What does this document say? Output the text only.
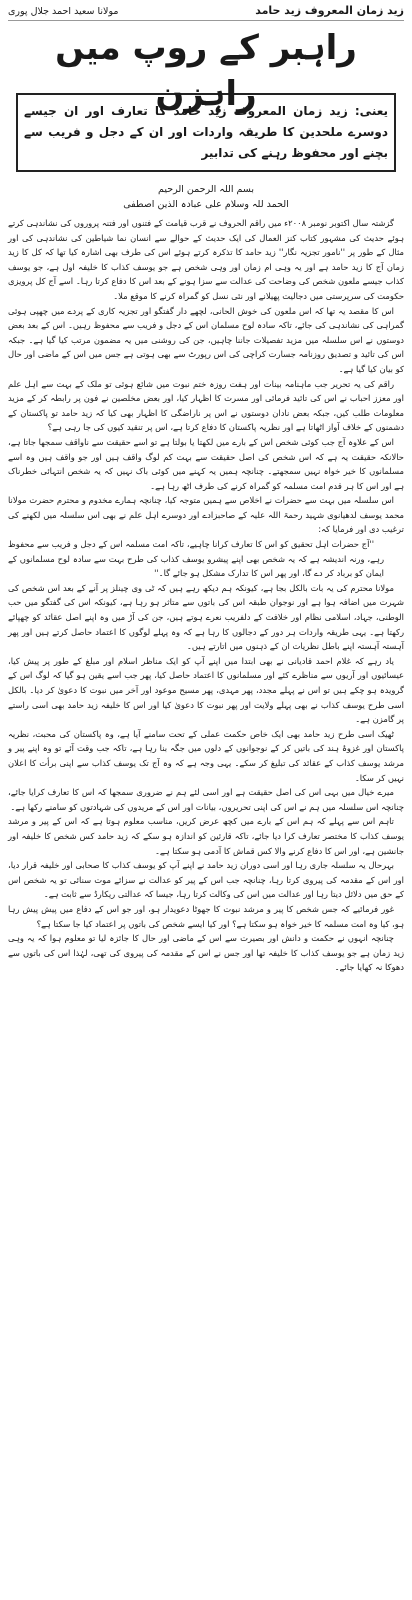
زید زمان المعروف زید حامد
مولانا سعید احمد جلال پوری
راہبر کے روپ میں راہزن
یعنی: زید زمان المعروف زید حامد کا تعارف اور ان جیسے دوسرے ملحدین کا طریقہ واردات اور ان کے دجل و فریب سے بچنے اور محفوظ رہنے کی تدابیر
بسم اللہ الرحمن الرحیم
الحمد للہ وسلام علی عبادہ الذین اصطفی

گزشتہ سال اکتوبر نومبر ۲۰۰۸ء میں راقم الحروف نے قرب قیامت کے فتنوں اور فتنہ پروروں کی نشاندہی کرتے ہوئے حدیث کی مشہور کتاب کنز العمال کی ایک حدیث کے حوالے سے انسان نما شیاطین کی نشاندہی کی اور مثال کے طور پر ''نامور تجزیہ نگار'' زید حامد کا تذکرہ کرتے ہوئے اس کی طرف بھی اشارہ کیا تھا کہ کل کا زید زمان آج کا زید حامد ہے اور یہ وہی ام زمان اور وہی شخص ہے جو یوسف کذاب کا خلیفہ اول ہے، جو یوسف کذاب جیسے ملعون شخص کی وضاحت کی عدالت سے سزا ہونے کے بعد اس کا دفاع کرتا رہا۔ اسے آج کل پرویزی حکومت کی سرپرستی میں دجالیت پھیلانے اور نئی نسل کو گمراہ کرنے کا موقع ملا۔

اس کا مقصد یہ تھا کہ اس ملعون کی خوش الحانی، لچھے دار گفتگو اور تجزیہ کاری کے پردے میں چھپی ہوئی گمراہی کی نشاندہی کی جائے، تاکہ سادہ لوح مسلمان اس کے دجل و فریب سے محفوظ رہیں۔ اس کے بعد بعض دوستوں نے اس سلسلہ میں مزید تفصیلات جاننا چاہیں، جن کی روشنی میں یہ مضمون مرتب کیا گیا ہے۔ جبکہ اس کی تائید و تصدیق روزنامہ جسارت کراچی کی اس رپورٹ سے بھی ہوتی ہے جس میں اس کے ماضی اور حال کو بیان کیا گیا ہے۔

راقم کی یہ تحریر جب ماہنامہ بینات اور ہفت روزہ ختم نبوت میں شائع ہوئی تو ملک کے بہت سے اہل علم اور معزز احباب نے اس کی تائید فرمائی اور مسرت کا اظہار کیا، اور بعض مخلصین نے فون پر رابطہ کر کے مزید معلومات طلب کیں، جبکہ بعض نادان دوستوں نے اس پر ناراضگی کا اظہار بھی کیا کہ زید حامد تو پاکستان کے دشمنوں کے خلاف آواز اٹھاتا ہے اور نظریہ پاکستان کا دفاع کرتا ہے، اس پر تنقید کیوں کی جا رہی ہے؟

اس کے علاوہ آج جب کوئی شخص اس کے بارے میں لکھتا یا بولتا ہے تو اسے حقیقت سے ناواقف سمجھا جاتا ہے، حالانکہ حقیقت یہ ہے کہ اس شخص کی اصل حقیقت سے بہت کم لوگ واقف ہیں اور جو واقف ہیں وہ اسے مسلمانوں کا خیر خواہ نہیں سمجھتے۔ چنانچہ ہمیں یہ کہنے میں کوئی باک نہیں کہ یہ شخص انتہائی خطرناک ہے اور اس کا ہر قدم امت مسلمہ کو گمراہ کرنے کی طرف اٹھ رہا ہے۔

اس سلسلہ میں بہت سے حضرات نے اخلاص سے ہمیں متوجہ کیا، چنانچہ ہمارے مخدوم و محترم حضرت مولانا محمد یوسف لدھیانوی شہید رحمۃ اللہ علیہ کے صاحبزادے اور دوسرے اہل علم نے بھی اس سلسلہ میں لکھنے کی ترغیب دی اور فرمایا کہ:

''آج حضرات اہل تحقیق کو اس کا تعارف کرانا چاہیے، تاکہ امت مسلمہ اس کے دجل و فریب سے محفوظ رہے، ورنہ اندیشہ ہے کہ یہ شخص بھی اپنے پیشرو یوسف کذاب کی طرح بہت سے سادہ لوح مسلمانوں کے ایمان کو برباد کر دے گا، اور پھر اس کا تدارک مشکل ہو جائے گا۔''

مولانا محترم کی یہ بات بالکل بجا ہے، کیونکہ ہم دیکھ رہے ہیں کہ ٹی وی چینلز پر آنے کے بعد اس شخص کی شہرت میں اضافہ ہوا ہے اور نوجوان طبقہ اس کی باتوں سے متاثر ہو رہا ہے، کیونکہ اس کی گفتگو میں حب الوطنی، جہاد، اسلامی نظام اور خلافت کے دلفریب نعرے ہوتے ہیں، جن کی آڑ میں وہ اپنے اصل عقائد کو چھپائے رکھتا ہے۔ یہی طریقہ واردات ہر دور کے دجالوں کا رہا ہے کہ وہ پہلے لوگوں کا اعتماد حاصل کرتے ہیں اور پھر آہستہ آہستہ اپنے باطل نظریات ان کے ذہنوں میں اتارتے ہیں۔

یاد رہے کہ غلام احمد قادیانی نے بھی ابتدا میں اپنے آپ کو ایک مناظر اسلام اور مبلغ کے طور پر پیش کیا، عیسائیوں اور آریوں سے مناظرے کئے اور مسلمانوں کا اعتماد حاصل کیا، پھر جب اسے یقین ہو گیا کہ لوگ اس کے گرویدہ ہو چکے ہیں تو اس نے پہلے مجدد، پھر مہدی، پھر مسیح موعود اور آخر میں نبوت کا دعویٰ کر دیا۔ بالکل اسی طرح یوسف کذاب نے بھی پہلے ولایت اور پھر نبوت کا دعویٰ کیا اور اس کا خلیفہ زید حامد بھی اسی راستے پر گامزن ہے۔

ٹھیک اسی طرح زید حامد بھی ایک خاص حکمت عملی کے تحت سامنے آیا ہے، وہ پاکستان کی محبت، نظریہ پاکستان اور غزوۂ ہند کی باتیں کر کے نوجوانوں کے دلوں میں جگہ بنا رہا ہے، تاکہ جب وقت آئے تو وہ اپنے پیر و مرشد یوسف کذاب کے عقائد کی تبلیغ کر سکے۔ یہی وجہ ہے کہ وہ آج تک یوسف کذاب سے اپنی برأت کا اعلان نہیں کر سکا۔

میرے خیال میں بہی اس کی اصل حقیقت ہے اور اسی لئے ہم نے ضروری سمجھا کہ اس کا تعارف کرایا جائے، چنانچہ اس سلسلہ میں ہم نے اس کی اپنی تحریروں، بیانات اور اس کے مریدوں کی شہادتوں کو سامنے رکھا ہے۔

تاہم اس سے پہلے کہ ہم اس کے بارے میں کچھ عرض کریں، مناسب معلوم ہوتا ہے کہ اس کے پیر و مرشد یوسف کذاب کا مختصر تعارف کرا دیا جائے، تاکہ قارئین کو اندازہ ہو سکے کہ زید حامد کس شخص کا خلیفہ اور جانشین ہے، اور اس کا دفاع کرنے والا کس قماش کا آدمی ہو سکتا ہے۔

بہرحال یہ سلسلہ جاری رہا اور اسی دوران زید حامد نے اپنے آپ کو یوسف کذاب کا صحابی اور خلیفہ قرار دیا، اور اس کے مقدمہ کی پیروی کرتا رہا، چنانچہ جب اس کے پیر کو عدالت نے سزائے موت سنائی تو یہ شخص اس کے حق میں دلائل دیتا رہا اور عدالت میں اس کی وکالت کرتا رہا، جیسا کہ عدالتی ریکارڈ سے ثابت ہے۔

غور فرمائیے کہ جس شخص کا پیر و مرشد نبوت کا جھوٹا دعویدار ہو، اور جو اس کے دفاع میں پیش پیش رہا ہو، کیا وہ امت مسلمہ کا خیر خواہ ہو سکتا ہے؟ اور کیا ایسے شخص کی باتوں پر اعتماد کیا جا سکتا ہے؟

چنانچہ انہوں نے حکمت و دانش اور بصیرت سے اس کے ماضی اور حال کا جائزہ لیا تو معلوم ہوا کہ یہ وہی زید زمان ہے جو یوسف کذاب کا خلیفہ تھا اور جس نے اس کے مقدمہ کی پیروی کی تھی، لہٰذا اس کی باتوں سے دھوکا نہ کھایا جائے۔
